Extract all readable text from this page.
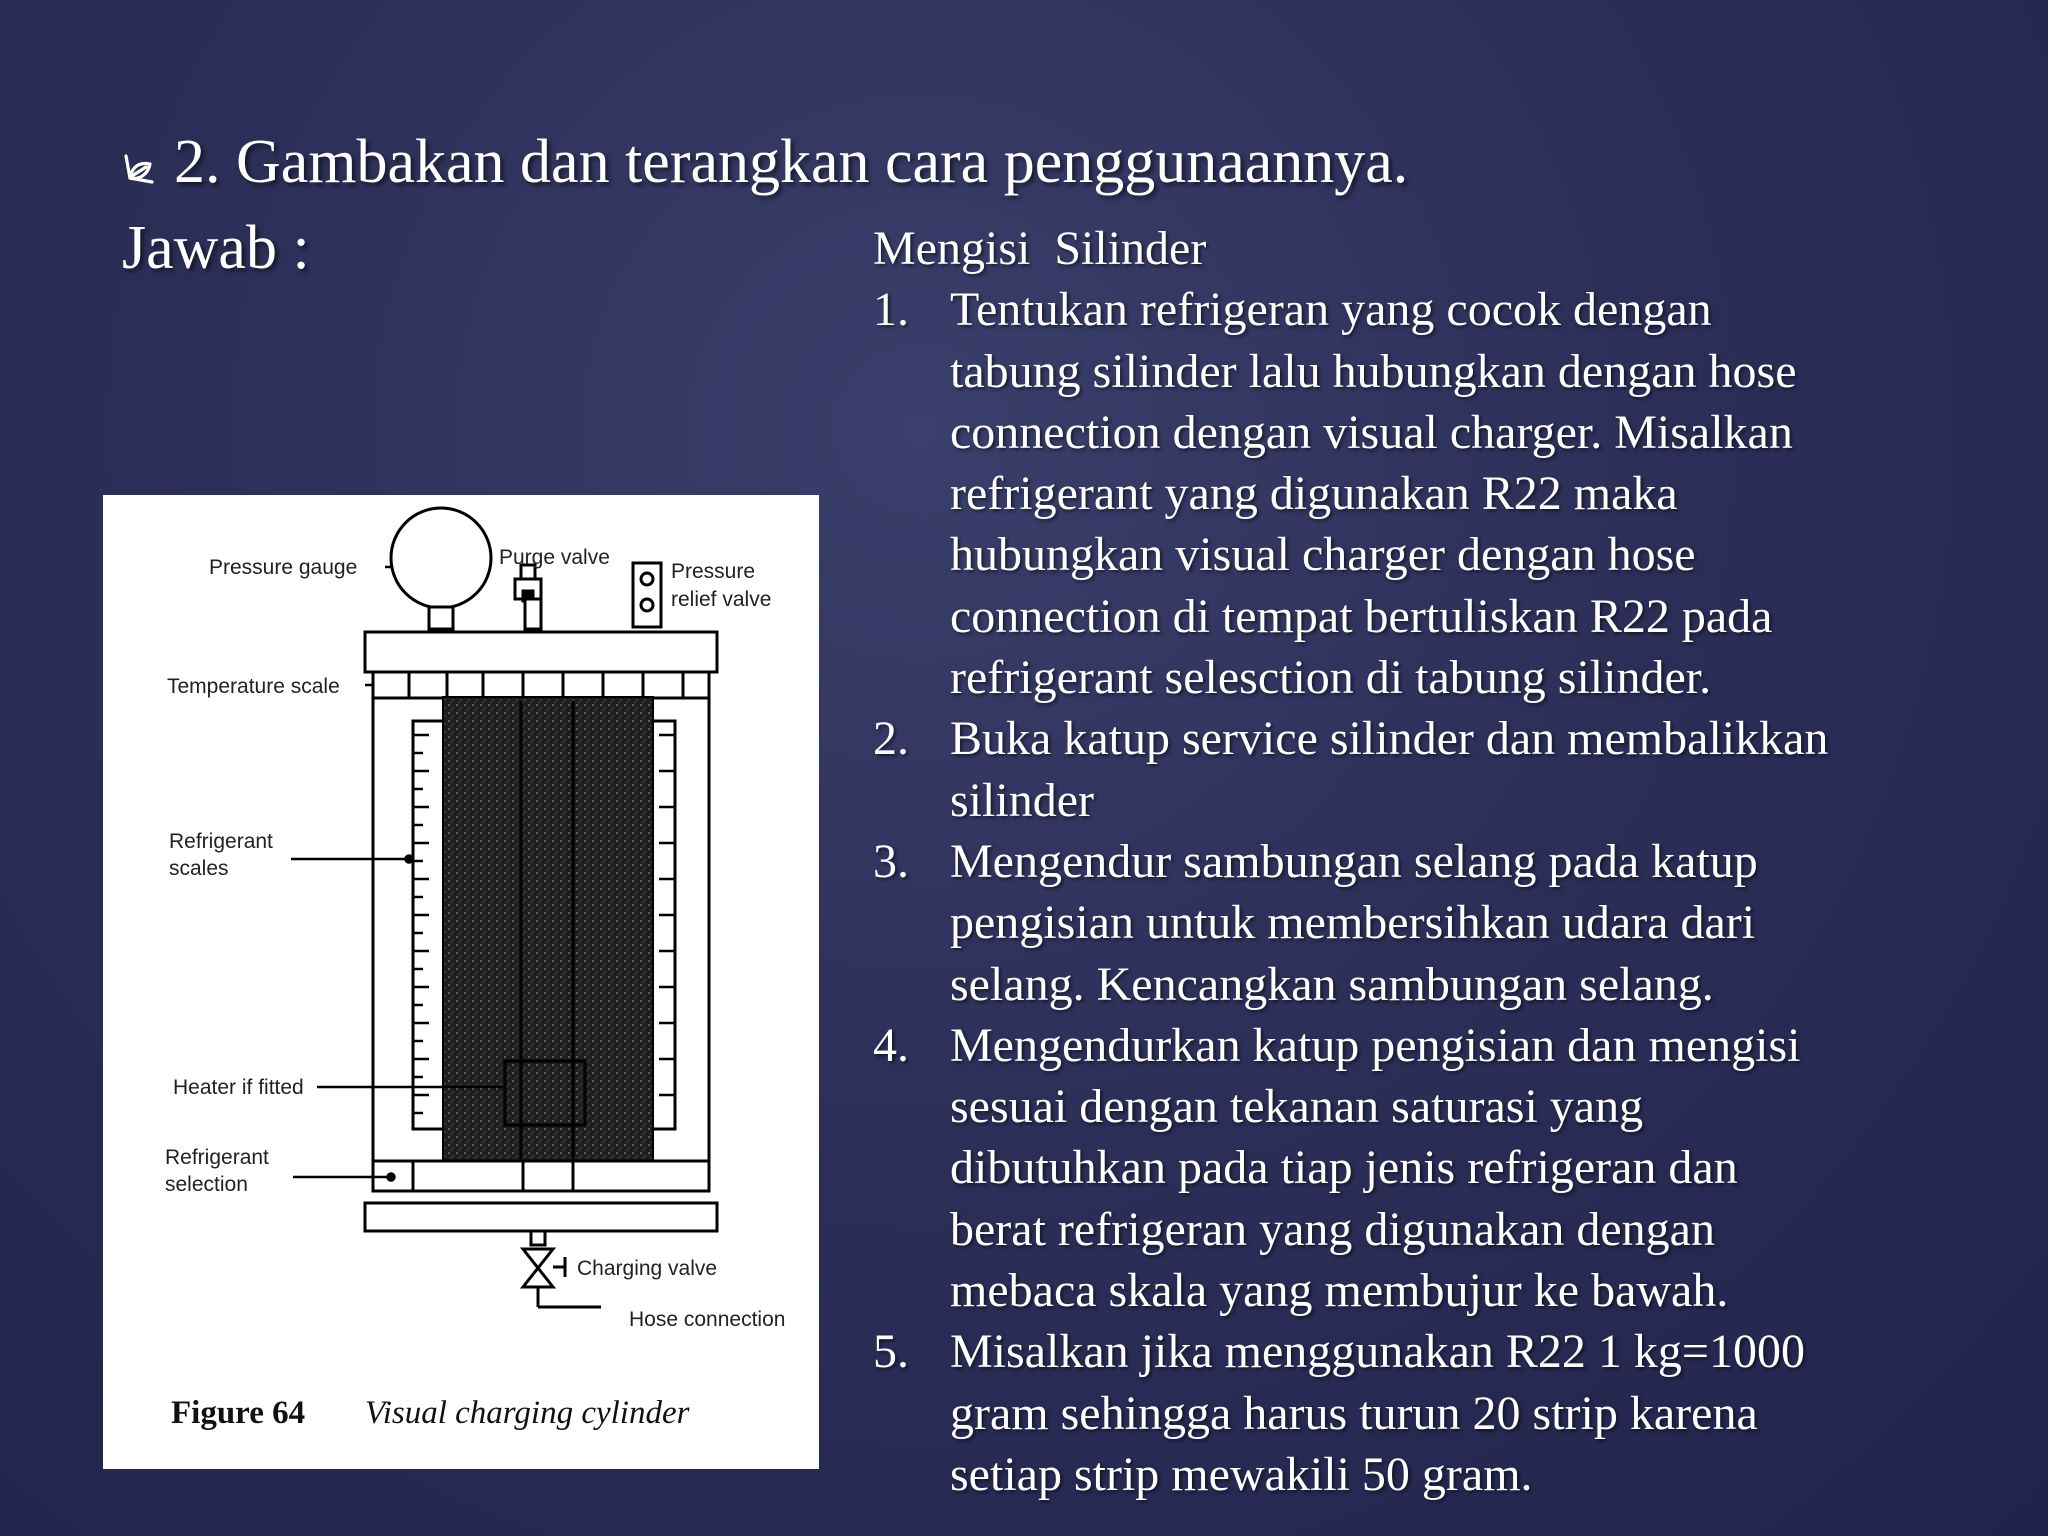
2. Gambakan dan terangkan cara penggunaannya.
Jawab :
Pressure gauge	Purge valve
Pressure
relief valve
Temperature scale
Refrigerant
scales
Heater if fitted
Refrigerant
selection
Charging valve
Hose connection
Figure 64 Visual charging cylinder
Mengisi  Silinder
1. Tentukan refrigeran yang cocok dengan
tabung silinder lalu hubungkan dengan hose
connection dengan visual charger. Misalkan
refrigerant yang digunakan R22 maka
hubungkan visual charger dengan hose
connection di tempat bertuliskan R22 pada
refrigerant selesction di tabung silinder.
2. Buka katup service silinder dan membalikkan
silinder
3. Mengendur sambungan selang pada katup
pengisian untuk membersihkan udara dari
selang. Kencangkan sambungan selang.
4. Mengendurkan katup pengisian dan mengisi
sesuai dengan tekanan saturasi yang
dibutuhkan pada tiap jenis refrigeran dan
berat refrigeran yang digunakan dengan
mebaca skala yang membujur ke bawah.
5. Misalkan jika menggunakan R22 1 kg=1000
gram sehingga harus turun 20 strip karena
setiap strip mewakili 50 gram.
